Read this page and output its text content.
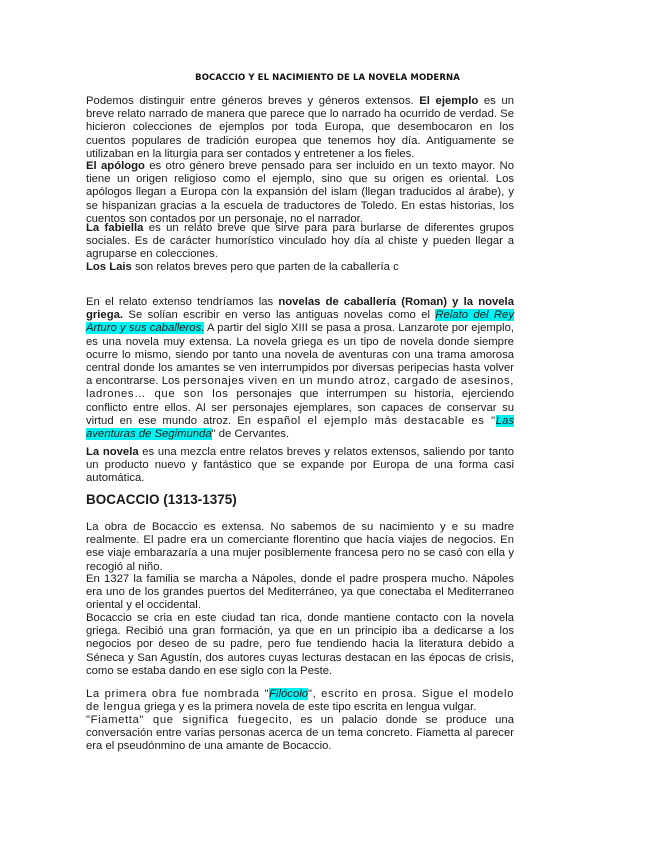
BOCACCIO Y EL NACIMIENTO DE LA NOVELA MODERNA
Podemos distinguir entre géneros breves y géneros extensos. El ejemplo es un breve relato narrado de manera que parece que lo narrado ha ocurrido de verdad. Se hicieron colecciones de ejemplos por toda Europa, que desembocaron en los cuentos populares de tradición europea que tenemos hoy día. Antiguamente se utilizaban en la liturgia para ser contados y entretener a los fieles.
El apólogo es otro género breve pensado para ser incluido en un texto mayor. No tiene un origen religioso como el ejemplo, sino que su origen es oriental. Los apólogos llegan a Europa con la expansión del islam (llegan traducidos al árabe), y se hispanizan gracias a la escuela de traductores de Toledo. En estas historias, los cuentos son contados por un personaje, no el narrador.
La fabiella es un relato breve que sirve para para burlarse de diferentes grupos sociales. Es de carácter humorístico vinculado hoy día al chiste y pueden llegar a agruparse en colecciones.
Los Lais son relatos breves pero que parten de la caballería c
En el relato extenso tendríamos las novelas de caballería (Roman) y la novela griega. Se solían escribir en verso las antiguas novelas como el Relato del Rey Arturo y sus caballeros. A partir del siglo XIII se pasa a prosa. Lanzarote por ejemplo, es una novela muy extensa. La novela griega es un tipo de novela donde siempre ocurre lo mismo, siendo por tanto una novela de aventuras con una trama amorosa central donde los amantes se ven interrumpidos por diversas peripecias hasta volver a encontrarse. Los personajes viven en un mundo atroz, cargado de asesinos, ladrones… que son los personajes que interrumpen su historia, ejerciendo conflicto entre ellos. Al ser personajes ejemplares, son capaces de conservar su virtud en ese mundo atroz. En español el ejemplo más destacable es "Las aventuras de Segimunda" de Cervantes.
La novela es una mezcla entre relatos breves y relatos extensos, saliendo por tanto un producto nuevo y fantástico que se expande por Europa de una forma casi automática.
BOCACCIO (1313-1375)
La obra de Bocaccio es extensa. No sabemos de su nacimiento y e su madre realmente. El padre era un comerciante florentino que hacía viajes de negocios. En ese viaje embarazaría a una mujer posiblemente francesa pero no se casó con ella y recogió al niño.
En 1327 la familia se marcha a Nápoles, donde el padre prospera mucho. Nápoles era uno de los grandes puertos del Mediterráneo, ya que conectaba el Mediterraneo oriental y el occidental.
Bocaccio se cria en este ciudad tan rica, donde mantiene contacto con la novela griega. Recibió una gran formación, ya que en un principio iba a dedicarse a los negocios por deseo de su padre, pero fue tendiendo hacia la literatura debido a Séneca y San Agustín, dos autores cuyas lecturas destacan en las épocas de crisis, como se estaba dando en ese siglo con la Peste.
La primera obra fue nombrada "Filócolo", escrito en prosa. Sigue el modelo de lengua griega y es la primera novela de este tipo escrita en lengua vulgar.
"Fiametta" que significa fuegecito, es un palacio donde se produce una conversación entre varias personas acerca de un tema concreto. Fiametta al parecer era el pseudónmino de una amante de Bocaccio.
